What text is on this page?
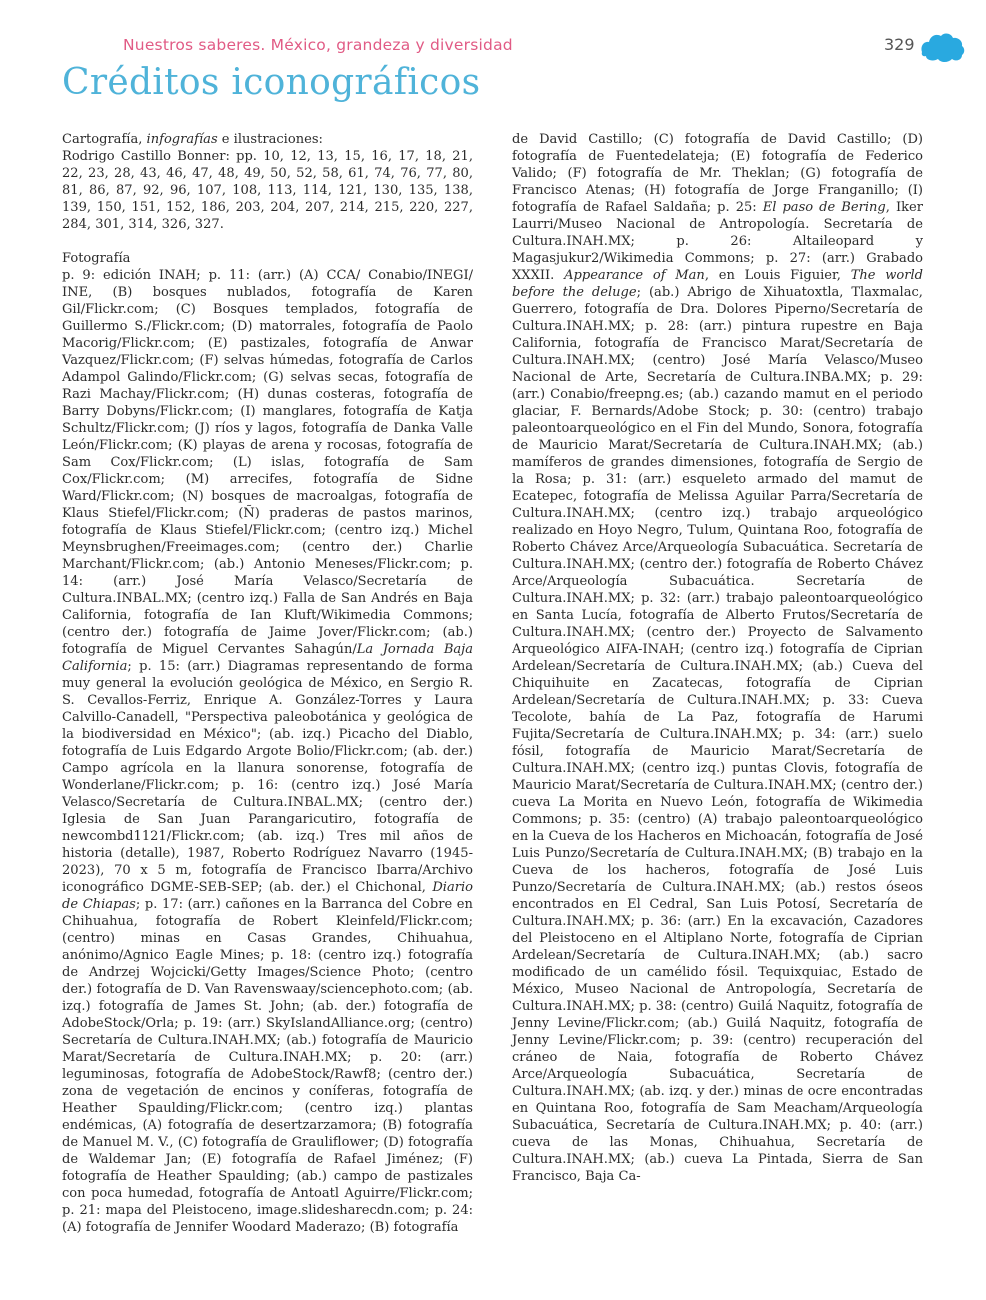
Nuestros saberes. México, grandeza y diversidad	329
Créditos iconográficos

Cartografía, infografías e ilustraciones:

Rodrigo Castillo Bonner: pp. 10, 12, 13, 15, 16, 17, 18, 21, 22, 23, 28, 43, 46, 47, 48, 49, 50, 52, 58, 61, 74, 76, 77, 80, 81, 86, 87, 92, 96, 107, 108, 113, 114, 121, 130, 135, 138, 139, 150, 151, 152, 186, 203, 204, 207, 214, 215, 220, 227, 284, 301, 314, 326, 327.

Fotografía

p. 9: edición INAH; p. 11: (arr.) (A) CCA/ Conabio/INEGI/ INE, (B) bosques nublados, fotografía de Karen Gil/Flickr.com; (C) Bosques templados, fotografía de Guillermo S./Flickr.com; (D) matorrales, fotografía de Paolo Macorig/Flickr.com; (E) pastizales, fotografía de Anwar Vazquez/Flickr.com; (F) selvas húmedas, fotografía de Carlos Adampol Galindo/Flickr.com; (G) selvas secas, fotografía de Razi Machay/Flickr.com; (H) dunas costeras, fotografía de Barry Dobyns/Flickr.com; (I) manglares, fotografía de Katja Schultz/Flickr.com; (J) ríos y lagos, fotografía de Danka Valle León/Flickr.com; (K) playas de arena y rocosas, fotografía de Sam Cox/Flickr.com; (L) islas, fotografía de Sam Cox/Flickr.com; (M) arrecifes, fotografía de Sidne Ward/Flickr.com; (N) bosques de macroalgas, fotografía de Klaus Stiefel/Flickr.com; (Ñ) praderas de pastos marinos, fotografía de Klaus Stiefel/Flickr.com; (centro izq.) Michel Meynsbrughen/Freeimages.com; (centro der.) Charlie Marchant/Flickr.com; (ab.) Antonio Meneses/Flickr.com; p. 14: (arr.) José María Velasco/Secretaría de Cultura.INBAL.MX; (centro izq.) Falla de San Andrés en Baja California, fotografía de Ian Kluft/Wikimedia Commons; (centro der.) fotografía de Jaime Jover/Flickr.com; (ab.) fotografía de Miguel Cervantes Sahagún/La Jornada Baja California; p. 15: (arr.) Diagramas representando de forma muy general la evolución geológica de México, en Sergio R. S. Cevallos-Ferriz, Enrique A. González-Torres y Laura Calvillo-Canadell, "Perspectiva paleobotánica y geológica de la biodiversidad en México"; (ab. izq.) Picacho del Diablo, fotografía de Luis Edgardo Argote Bolio/Flickr.com; (ab. der.) Campo agrícola en la llanura sonorense, fotografía de Wonderlane/Flickr.com; p. 16: (centro izq.) José María Velasco/Secretaría de Cultura.INBAL.MX; (centro der.) Iglesia de San Juan Parangaricutiro, fotografía de newcombd1121/Flickr.com; (ab. izq.) Tres mil años de historia (detalle), 1987, Roberto Rodríguez Navarro (1945-2023), 70 x 5 m, fotografía de Francisco Ibarra/Archivo iconográfico DGME-SEB-SEP; (ab. der.) el Chichonal, Diario de Chiapas; p. 17: (arr.) cañones en la Barranca del Cobre en Chihuahua, fotografía de Robert Kleinfeld/Flickr.com; (centro) minas en Casas Grandes, Chihuahua, anónimo/Agnico Eagle Mines; p. 18: (centro izq.) fotografía de Andrzej Wojcicki/Getty Images/Science Photo; (centro der.) fotografía de D. Van Ravenswaay/sciencephoto.com; (ab. izq.) fotografía de James St. John; (ab. der.) fotografía de AdobeStock/Orla; p. 19: (arr.) SkyIslandAlliance.org; (centro) Secretaría de Cultura.INAH.MX; (ab.) fotografía de Mauricio Marat/Secretaría de Cultura.INAH.MX; p. 20: (arr.) leguminosas, fotografía de AdobeStock/Rawf8; (centro der.) zona de vegetación de encinos y coníferas, fotografía de Heather Spaulding/Flickr.com; (centro izq.) plantas endémicas, (A) fotografía de desertzarzamora; (B) fotografía de Manuel M. V., (C) fotografía de Grauliflower; (D) fotografía de Waldemar Jan; (E) fotografía de Rafael Jiménez; (F) fotografía de Heather Spaulding; (ab.) campo de pastizales con poca humedad, fotografía de Antoatl Aguirre/Flickr.com; p. 21: mapa del Pleistoceno, image.slidesharecdn.com; p. 24: (A) fotografía de Jennifer Woodard Maderazo; (B) fotografía

de David Castillo; (C) fotografía de David Castillo; (D) fotografía de Fuentedelateja; (E) fotografía de Federico Valido; (F) fotografía de Mr. Theklan; (G) fotografía de Francisco Atenas; (H) fotografía de Jorge Franganillo; (I) fotografía de Rafael Saldaña; p. 25: El paso de Bering, Iker Laurri/Museo Nacional de Antropología. Secretaría de Cultura.INAH.MX;	p.	26:	Altaileopard	y Magasjukur2/Wikimedia Commons; p. 27: (arr.) Grabado XXXII. Appearance of Man, en Louis Figuier, The world before the deluge; (ab.) Abrigo de Xihuatoxtla, Tlaxmalac, Guerrero, fotografía de Dra. Dolores Piperno/Secretaría de Cultura.INAH.MX; p. 28: (arr.) pintura rupestre en Baja California, fotografía de Francisco Marat/Secretaría de Cultura.INAH.MX; (centro) José María Velasco/Museo Nacional de Arte, Secretaría de Cultura.INBA.MX; p. 29: (arr.) Conabio/freepng.es; (ab.) cazando mamut en el periodo glaciar, F. Bernards/Adobe Stock; p. 30: (centro) trabajo paleontoarqueológico en el Fin del Mundo, Sonora, fotografía de Mauricio Marat/Secretaría de Cultura.INAH.MX; (ab.) mamíferos de grandes dimensiones, fotografía de Sergio de la Rosa; p. 31: (arr.) esqueleto armado del mamut de Ecatepec, fotografía de Melissa Aguilar Parra/Secretaría de Cultura.INAH.MX; (centro izq.) trabajo arqueológico realizado en Hoyo Negro, Tulum, Quintana Roo, fotografía de Roberto Chávez Arce/Arqueología Subacuática. Secretaría de Cultura.INAH.MX; (centro der.) fotografía de Roberto Chávez Arce/Arqueología	Subacuática.	Secretaría	de Cultura.INAH.MX; p. 32: (arr.) trabajo paleontoarqueológico en Santa Lucía, fotografía de Alberto Frutos/Secretaría de Cultura.INAH.MX; (centro der.) Proyecto de Salvamento Arqueológico AIFA-INAH; (centro izq.) fotografía de Ciprian Ardelean/Secretaría de Cultura.INAH.MX; (ab.) Cueva del Chiquihuite en Zacatecas, fotografía de Ciprian Ardelean/Secretaría de Cultura.INAH.MX; p. 33: Cueva Tecolote, bahía de La Paz, fotografía de Harumi Fujita/Secretaría de Cultura.INAH.MX; p. 34: (arr.) suelo fósil, fotografía de Mauricio Marat/Secretaría de Cultura.INAH.MX; (centro izq.) puntas Clovis, fotografía de Mauricio Marat/Secretaría de Cultura.INAH.MX; (centro der.) cueva La Morita en Nuevo León, fotografía de Wikimedia Commons; p. 35: (centro) (A) trabajo paleontoarqueológico en la Cueva de los Hacheros en Michoacán, fotografía de José Luis Punzo/Secretaría de Cultura.INAH.MX; (B) trabajo en la Cueva de los hacheros, fotografía de José Luis Punzo/Secretaría de Cultura.INAH.MX; (ab.) restos óseos encontrados en El Cedral, San Luis Potosí, Secretaría de Cultura.INAH.MX; p. 36: (arr.) En la excavación, Cazadores del Pleistoceno en el Altiplano Norte, fotografía de Ciprian Ardelean/Secretaría de Cultura.INAH.MX; (ab.) sacro modificado de un camélido fósil. Tequixquiac, Estado de México, Museo Nacional de Antropología, Secretaría de Cultura.INAH.MX; p. 38: (centro) Guilá Naquitz, fotografía de Jenny Levine/Flickr.com; (ab.) Guilá Naquitz, fotografía de Jenny Levine/Flickr.com; p. 39: (centro) recuperación del cráneo de Naia, fotografía de Roberto Chávez Arce/Arqueología	Subacuática,	Secretaría	de Cultura.INAH.MX; (ab. izq. y der.) minas de ocre encontradas en Quintana Roo, fotografía de Sam Meacham/Arqueología Subacuática, Secretaría de Cultura.INAH.MX; p. 40: (arr.) cueva de las Monas, Chihuahua, Secretaría de Cultura.INAH.MX; (ab.) cueva La Pintada, Sierra de San Francisco, Baja Ca-
